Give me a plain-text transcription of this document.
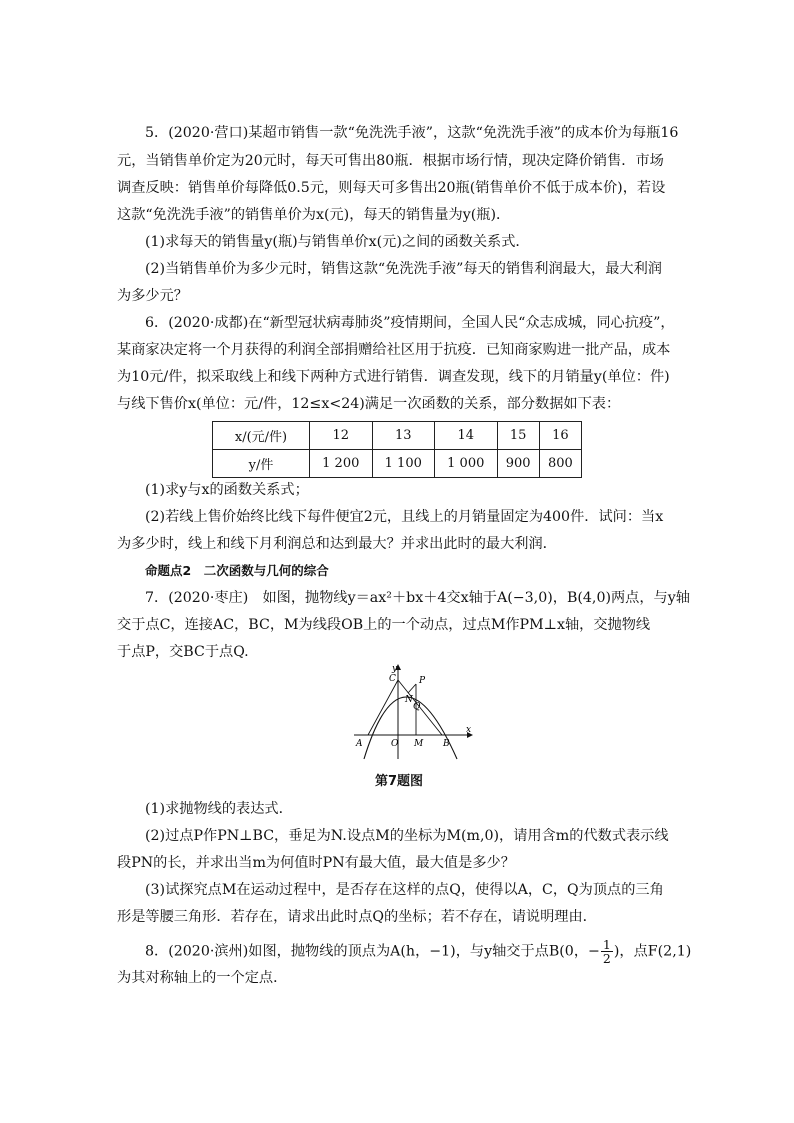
5．(2020·营口)某超市销售一款“免洗洗手液”，这款“免洗洗手液”的成本价为每瓶16
元，当销售单价定为20元时，每天可售出80瓶．根据市场行情，现决定降价销售．市场
调查反映：销售单价每降低0.5元，则每天可多售出20瓶(销售单价不低于成本价)，若设
这款“免洗洗手液”的销售单价为x(元)，每天的销售量为y(瓶)．
(1)求每天的销售量y(瓶)与销售单价x(元)之间的函数关系式．
(2)当销售单价为多少元时，销售这款“免洗洗手液”每天的销售利润最大，最大利润
为多少元？
6．(2020·成都)在“新型冠状病毒肺炎”疫情期间，全国人民“众志成城，同心抗疫”，
某商家决定将一个月获得的利润全部捐赠给社区用于抗疫．已知商家购进一批产品，成本
为10元/件，拟采取线上和线下两种方式进行销售．调查发现，线下的月销量y(单位：件)
与线下售价x(单位：元/件，12≤x<24)满足一次函数的关系，部分数据如下表：
x/(元/件)	12	13	14	15	16
y/件	1 200	1 100	1 000	900	800
(1)求y与x的函数关系式；
(2)若线上售价始终比线下每件便宜2元，且线上的月销量固定为400件．试问：当x
为多少时，线上和线下月利润总和达到最大？并求出此时的最大利润．
命题点2　二次函数与几何的综合
7．(2020·枣庄)　如图，抛物线y＝ax²＋bx＋4交x轴于A(−3,0)，B(4,0)两点，与y轴
交于点C，连接AC，BC，M为线段OB上的一个动点，过点M作PM⊥x轴，交抛物线
于点P，交BC于点Q.
y
x
C	P
N
Q
A	O M B
第7题图
(1)求抛物线的表达式．
(2)过点P作PN⊥BC，垂足为N.设点M的坐标为M(m,0)，请用含m的代数式表示线
段PN的长，并求出当m为何值时PN有最大值，最大值是多少？
(3)试探究点M在运动过程中，是否存在这样的点Q，使得以A，C，Q为顶点的三角
形是等腰三角形．若存在，请求出此时点Q的坐标；若不存在，请说明理由．
8．(2020·滨州)如图，抛物线的顶点为A(h，−1)，与y轴交于点B(0，− $\frac{1}{2}$ )，点F(2,1)
为其对称轴上的一个定点．
